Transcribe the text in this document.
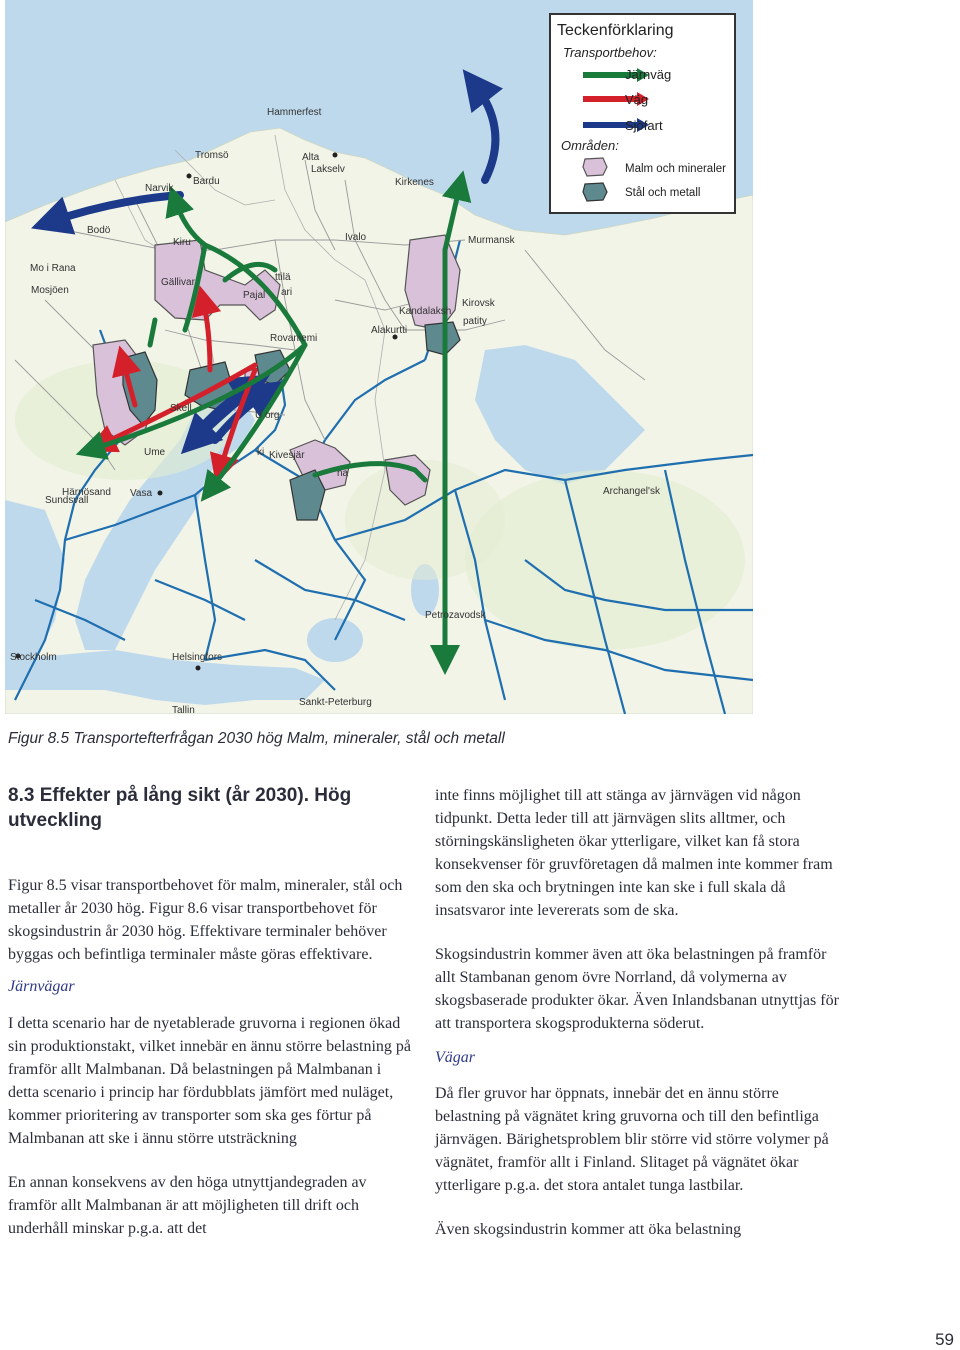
Hammerfest
Tromsö	Alta
Lakselv
Narvik
Bardu	Kirkenes
Bodö
Kiru	Ivalo	Murmansk
Mo i Rana
Mosjöen
Gällivar	ttilä
Pajal ari
Kirovsk
Kandalaksh
patity
Alakurtti
Rovaniemi
Skell
U org
Ume	ki Kivesjär
na
Härnösand
Sundsvall
Vasa	Archangel'sk
Petrozavodsk
Stockholm	Helsingfors
Sankt-Peterburg
Tallin
Teckenförklaring
Transportbehov:
Järnväg
Väg
Sjöfart
Områden:
Malm och mineraler
Stål och metall
Figur 8.5 Transportefterfrågan 2030 hög Malm, mineraler, stål och metall
8.3 Effekter på lång sikt (år 2030). Hög utveckling

Figur 8.5 visar transportbehovet för malm, mineraler, stål och metaller år 2030 hög. Figur 8.6 visar transportbehovet för skogsindustrin år 2030 hög. Effektivare terminaler behöver byggas och befintliga terminaler måste göras effektivare.

Järnvägar

I detta scenario har de nyetablerade gruvorna i regionen ökad sin produktionstakt, vilket innebär en ännu större belastning på framför allt Malmbanan. Då belastningen på Malmbanan i detta scenario i princip har fördubblats jämfört med nuläget, kommer prioritering av transporter som ska ges förtur på Malmbanan att ske i ännu större utsträckning

En annan konsekvens av den höga utnyttjandegraden av framför allt Malmbanan är att möjligheten till drift och underhåll minskar p.g.a. att det

inte finns möjlighet till att stänga av järnvägen vid någon tidpunkt. Detta leder till att järnvägen slits alltmer, och störningskänsligheten ökar ytterligare, vilket kan få stora konsekvenser för gruvföretagen då malmen inte kommer fram som den ska och brytningen inte kan ske i full skala då insatsvaror inte levererats som de ska.

Skogsindustrin kommer även att öka belastningen på framför allt Stambanan genom övre Norrland, då volymerna av skogsbaserade produkter ökar. Även Inlandsbanan utnyttjas för att transportera skogsprodukterna söderut.

Vägar

Då fler gruvor har öppnats, innebär det en ännu större belastning på vägnätet kring gruvorna och till den befintliga järnvägen. Bärighetsproblem blir större vid större volymer på vägnätet, framför allt i Finland. Slitaget på vägnätet ökar ytterligare p.g.a. det stora antalet tunga lastbilar.

Även skogsindustrin kommer att öka belastning

59
